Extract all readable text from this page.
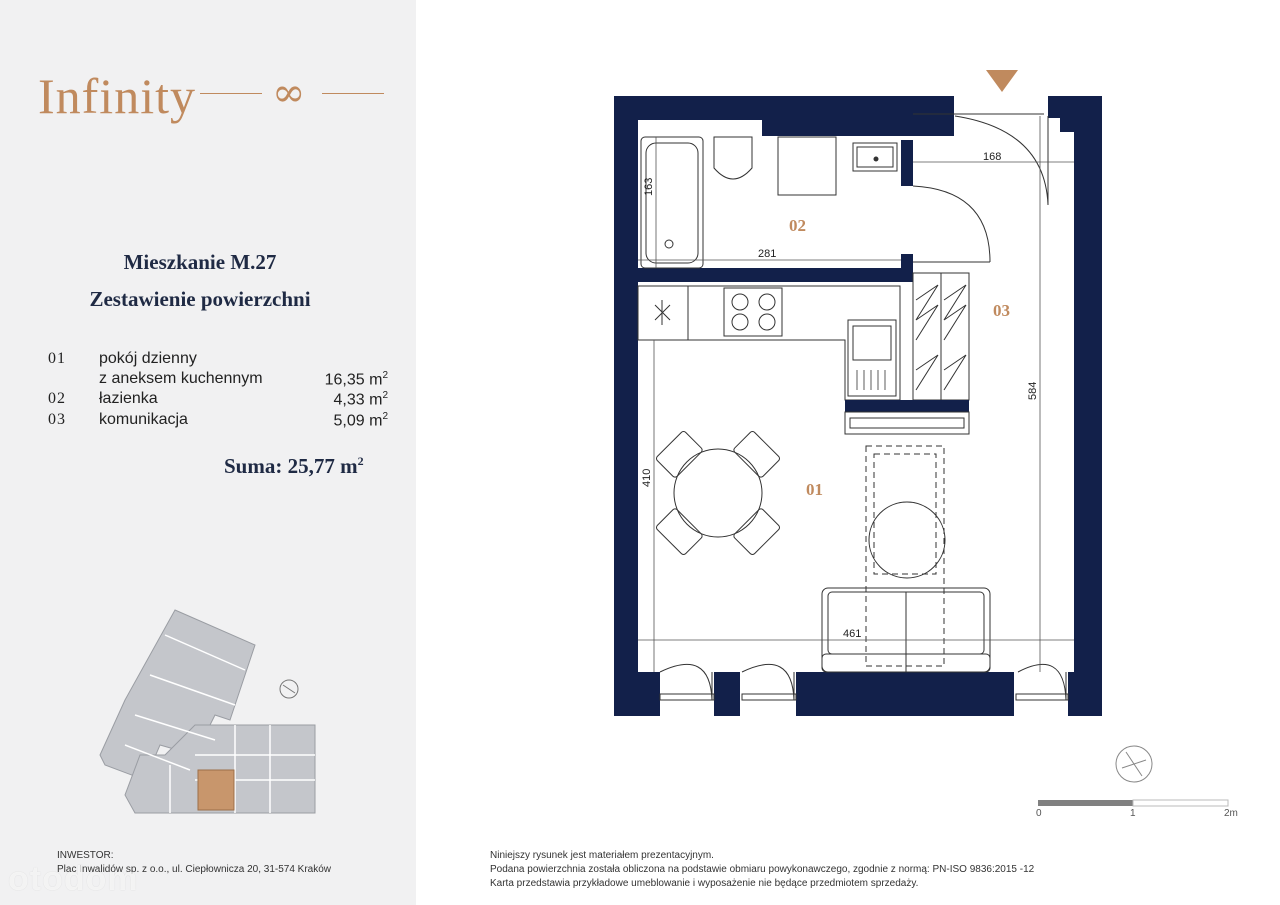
Infinity ∞
Mieszkanie M.27
Zestawienie powierzchni
01 pokój dzienny
z aneksem kuchennym	16,35 $m^2$
02 łazienka	4,33 $m^2$
03 komunikacja	5,09 $m^2$
Suma: 25,77 $m^2$
INWESTOR:
Plac Inwalidów sp. z o.o., ul. Ciepłownicza 20, 31-574 Kraków
otodom
168
163
281
584
410
461
01
02
03
0	1	2m
Niniejszy rysunek jest materiałem prezentacyjnym.
Podana powierzchnia została obliczona na podstawie obmiaru powykonawczego, zgodnie z normą: PN-ISO 9836:2015 -12
Karta przedstawia przykładowe umeblowanie i wyposażenie nie będące przedmiotem sprzedaży.
